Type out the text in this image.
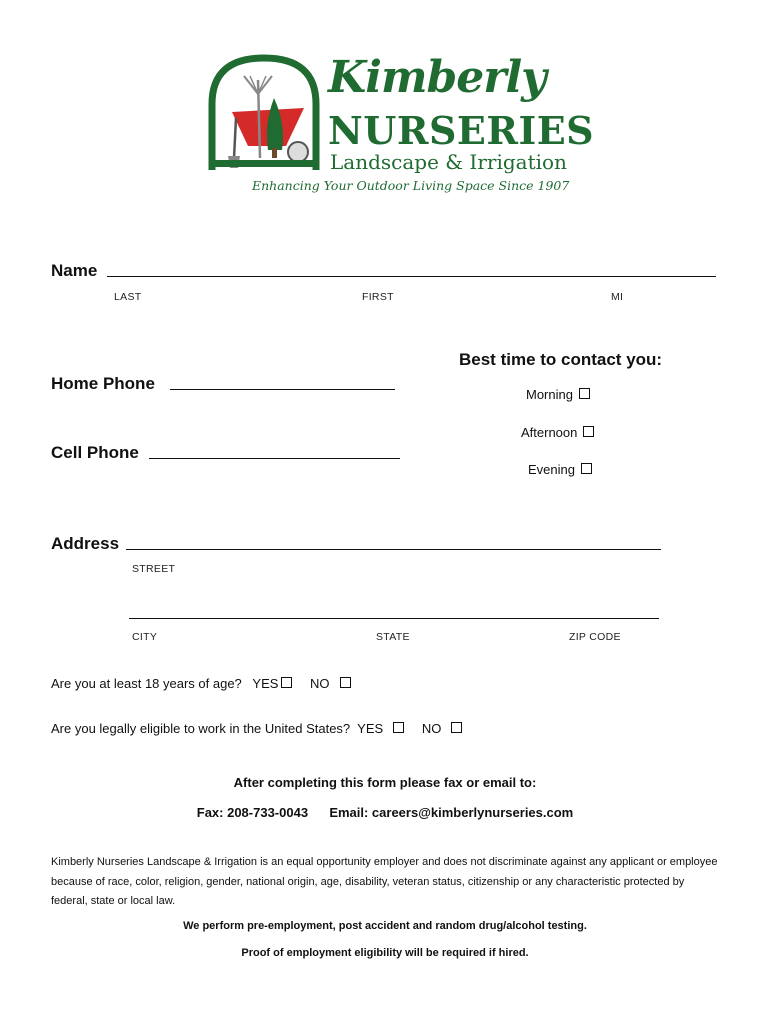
Kimberly
NURSERIES
Landscape & Irrigation
Enhancing Your Outdoor Living Space Since 1907
Name
LAST	FIRST	MI
Best time to contact you:
Morning
Afternoon
Evening
Home Phone
Cell Phone
Address
STREET
CITY	STATE	ZIP CODE
Are you at least 18 years of age? YES NO
Are you legally eligible to work in the United States? YES	NO
After completing this form please fax or email to:
Fax: 208-733-0043 Email: careers@kimberlynurseries.com
Kimberly Nurseries Landscape & Irrigation is an equal opportunity employer and does not discriminate against any applicant or employee because of race, color, religion, gender, national origin, age, disability, veteran status, citizenship or any characteristic protected by federal, state or local law.
We perform pre-employment, post accident and random drug/alcohol testing.
Proof of employment eligibility will be required if hired.
